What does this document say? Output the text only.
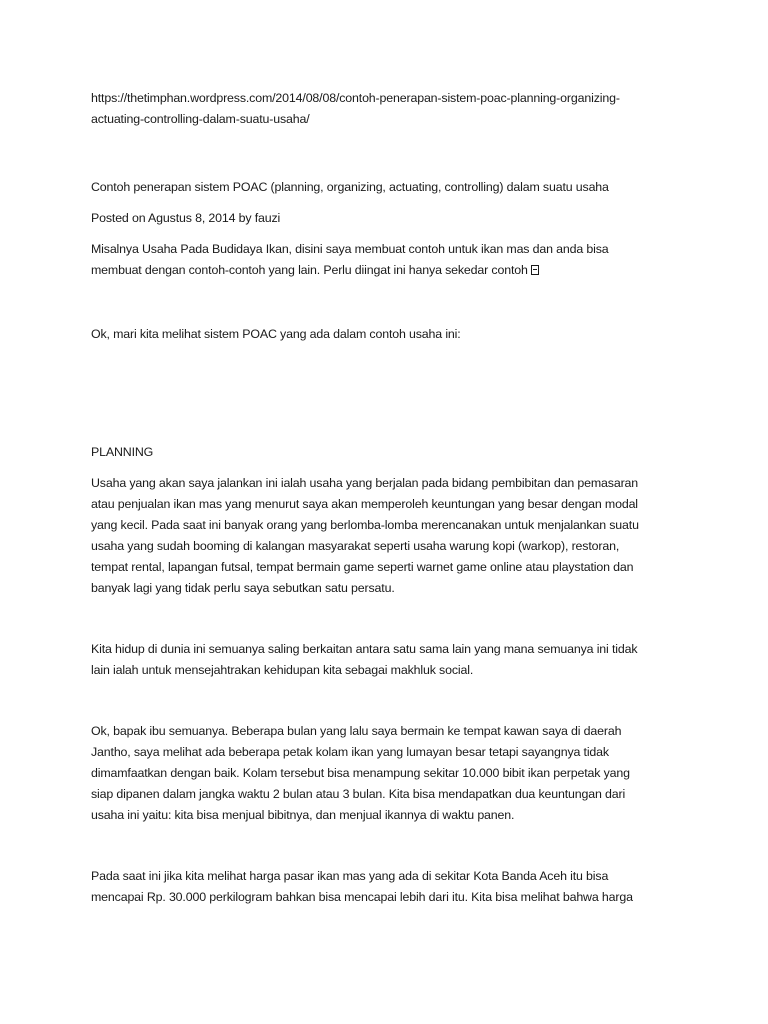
https://thetimphan.wordpress.com/2014/08/08/contoh-penerapan-sistem-poac-planning-organizing-

actuating-controlling-dalam-suatu-usaha/

Contoh penerapan sistem POAC (planning, organizing, actuating, controlling) dalam suatu usaha

Posted on Agustus 8, 2014 by fauzi

Misalnya Usaha Pada Budidaya Ikan, disini saya membuat contoh untuk ikan mas dan anda bisa

membuat dengan contoh-contoh yang lain. Perlu diingat ini hanya sekedar contoh

Ok, mari kita melihat sistem POAC yang ada dalam contoh usaha ini:

PLANNING

Usaha yang akan saya jalankan ini ialah usaha yang berjalan pada bidang pembibitan dan pemasaran

atau penjualan ikan mas yang menurut saya akan memperoleh keuntungan yang besar dengan modal

yang kecil. Pada saat ini banyak orang yang berlomba-lomba merencanakan untuk menjalankan suatu

usaha yang sudah booming di kalangan masyarakat seperti usaha warung kopi (warkop), restoran,

tempat rental, lapangan futsal, tempat bermain game seperti warnet game online atau playstation dan

banyak lagi yang tidak perlu saya sebutkan satu persatu.

Kita hidup di dunia ini semuanya saling berkaitan antara satu sama lain yang mana semuanya ini tidak

lain ialah untuk mensejahtrakan kehidupan kita sebagai makhluk social.

Ok, bapak ibu semuanya. Beberapa bulan yang lalu saya bermain ke tempat kawan saya di daerah

Jantho, saya melihat ada beberapa petak kolam ikan yang lumayan besar tetapi sayangnya tidak

dimamfaatkan dengan baik. Kolam tersebut bisa menampung sekitar 10.000 bibit ikan perpetak yang

siap dipanen dalam jangka waktu 2 bulan atau 3 bulan. Kita bisa mendapatkan dua keuntungan dari

usaha ini yaitu: kita bisa menjual bibitnya, dan menjual ikannya di waktu panen.

Pada saat ini jika kita melihat harga pasar ikan mas yang ada di sekitar Kota Banda Aceh itu bisa

mencapai Rp. 30.000 perkilogram bahkan bisa mencapai lebih dari itu. Kita bisa melihat bahwa harga
